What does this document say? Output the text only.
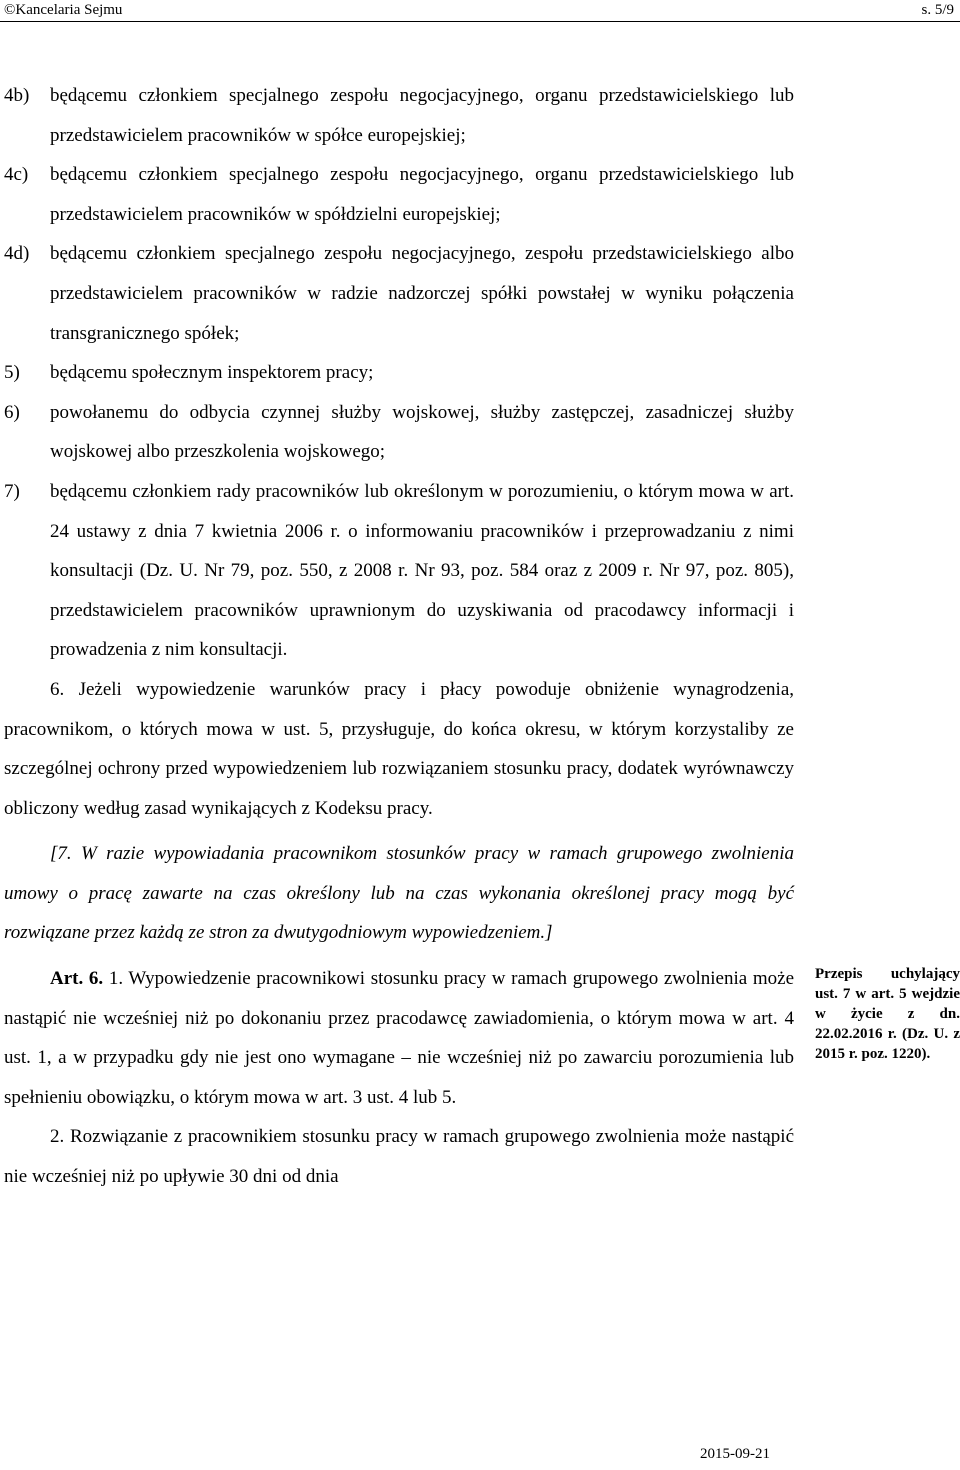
©Kancelaria Sejmu	s. 5/9
4b)	będącemu członkiem specjalnego zespołu negocjacyjnego, organu przedstawicielskiego lub przedstawicielem pracowników w spółce europejskiej;
4c)	będącemu członkiem specjalnego zespołu negocjacyjnego, organu przedstawicielskiego lub przedstawicielem pracowników w spółdzielni europejskiej;
4d)	będącemu członkiem specjalnego zespołu negocjacyjnego, zespołu przedstawicielskiego albo przedstawicielem pracowników w radzie nadzorczej spółki powstałej w wyniku połączenia transgranicznego spółek;
5)	będącemu społecznym inspektorem pracy;
6)	powołanemu do odbycia czynnej służby wojskowej, służby zastępczej, zasadniczej służby wojskowej albo przeszkolenia wojskowego;
7)	będącemu członkiem rady pracowników lub określonym w porozumieniu, o którym mowa w art. 24 ustawy z dnia 7 kwietnia 2006 r. o informowaniu pracowników i przeprowadzaniu z nimi konsultacji (Dz. U. Nr 79, poz. 550, z 2008 r. Nr 93, poz. 584 oraz z 2009 r. Nr 97, poz. 805), przedstawicielem pracowników uprawnionym do uzyskiwania od pracodawcy informacji i prowadzenia z nim konsultacji.

6. Jeżeli wypowiedzenie warunków pracy i płacy powoduje obniżenie wynagrodzenia, pracownikom, o których mowa w ust. 5, przysługuje, do końca okresu, w którym korzystaliby ze szczególnej ochrony przed wypowiedzeniem lub rozwiązaniem stosunku pracy, dodatek wyrównawczy obliczony według zasad wynikających z Kodeksu pracy.

[7. W razie wypowiadania pracownikom stosunków pracy w ramach grupowego zwolnienia umowy o pracę zawarte na czas określony lub na czas wykonania określonej pracy mogą być rozwiązane przez każdą ze stron za dwutygodniowym wypowiedzeniem.]

Art. 6. 1. Wypowiedzenie pracownikowi stosunku pracy w ramach grupowego zwolnienia może nastąpić nie wcześniej niż po dokonaniu przez pracodawcę zawiadomienia, o którym mowa w art. 4 ust. 1, a w przypadku gdy nie jest ono wymagane – nie wcześniej niż po zawarciu porozumienia lub spełnieniu obowiązku, o którym mowa w art. 3 ust. 4 lub 5.

2. Rozwiązanie z pracownikiem stosunku pracy w ramach grupowego zwolnienia może nastąpić nie wcześniej niż po upływie 30 dni od dnia

Przepis uchylający ust. 7 w art. 5 wejdzie w życie z dn. 22.02.2016 r. (Dz. U. z 2015 r. poz. 1220).
2015-09-21
